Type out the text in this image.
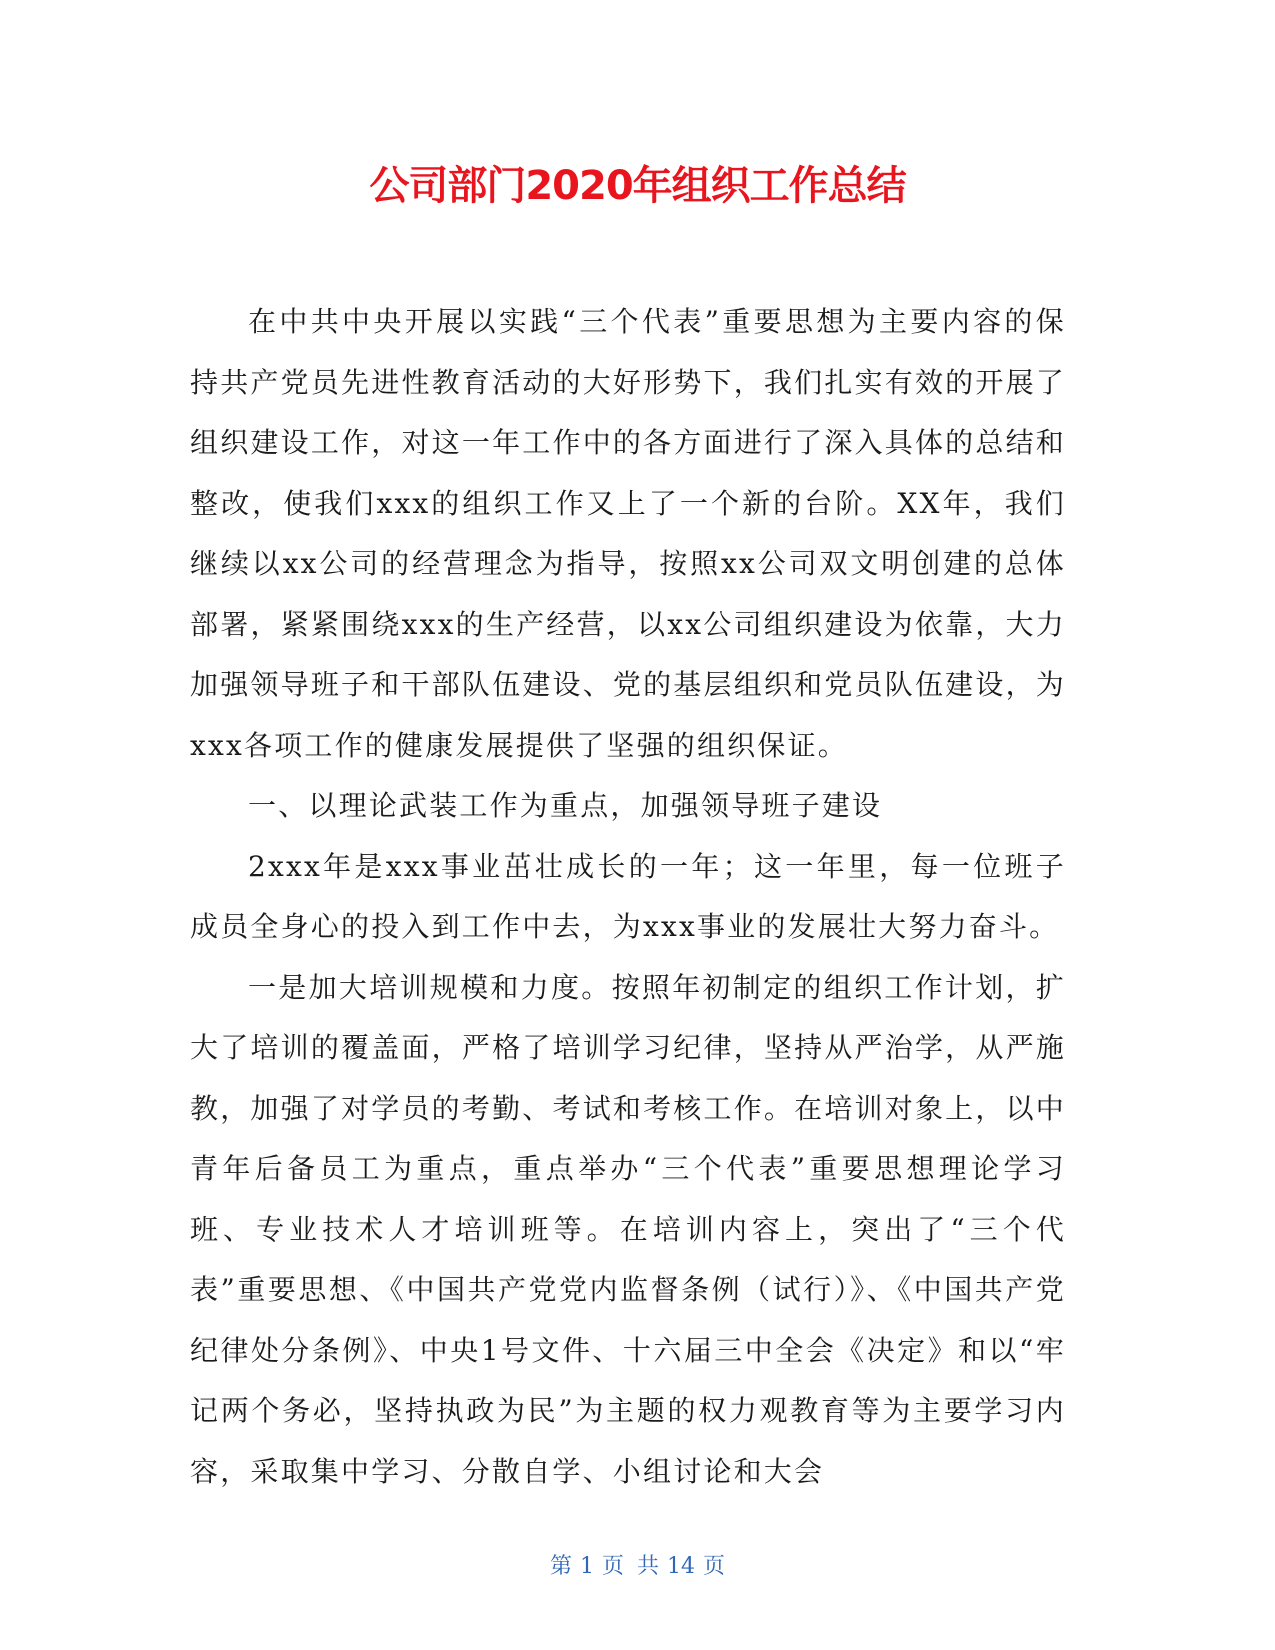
公司部门2020年组织工作总结

在中共中央开展以实践“三个代表”重要思想为主要内容的保持共产党员先进性教育活动的大好形势下，我们扎实有效的开展了组织建设工作，对这一年工作中的各方面进行了深入具体的总结和整改，使我们xxx的组织工作又上了一个新的台阶。XX年，我们继续以xx公司的经营理念为指导，按照xx公司双文明创建的总体部署，紧紧围绕xxx的生产经营，以xx公司组织建设为依靠，大力加强领导班子和干部队伍建设、党的基层组织和党员队伍建设，为xxx各项工作的健康发展提供了坚强的组织保证。

一、以理论武装工作为重点，加强领导班子建设

2xxx年是xxx事业茁壮成长的一年；这一年里，每一位班子成员全身心的投入到工作中去，为xxx事业的发展壮大努力奋斗。

一是加大培训规模和力度。按照年初制定的组织工作计划，扩大了培训的覆盖面，严格了培训学习纪律，坚持从严治学，从严施教，加强了对学员的考勤、考试和考核工作。在培训对象上，以中青年后备员工为重点，重点举办“三个代表”重要思想理论学习班、专业技术人才培训班等。在培训内容上，突出了“三个代表”重要思想、《中国共产党党内监督条例（试行）》、《中国共产党纪律处分条例》、中央1号文件、十六届三中全会《决定》和以“牢记两个务必，坚持执政为民”为主题的权力观教育等为主要学习内容，采取集中学习、分散自学、小组讨论和大会

第 1 页 共 14 页
